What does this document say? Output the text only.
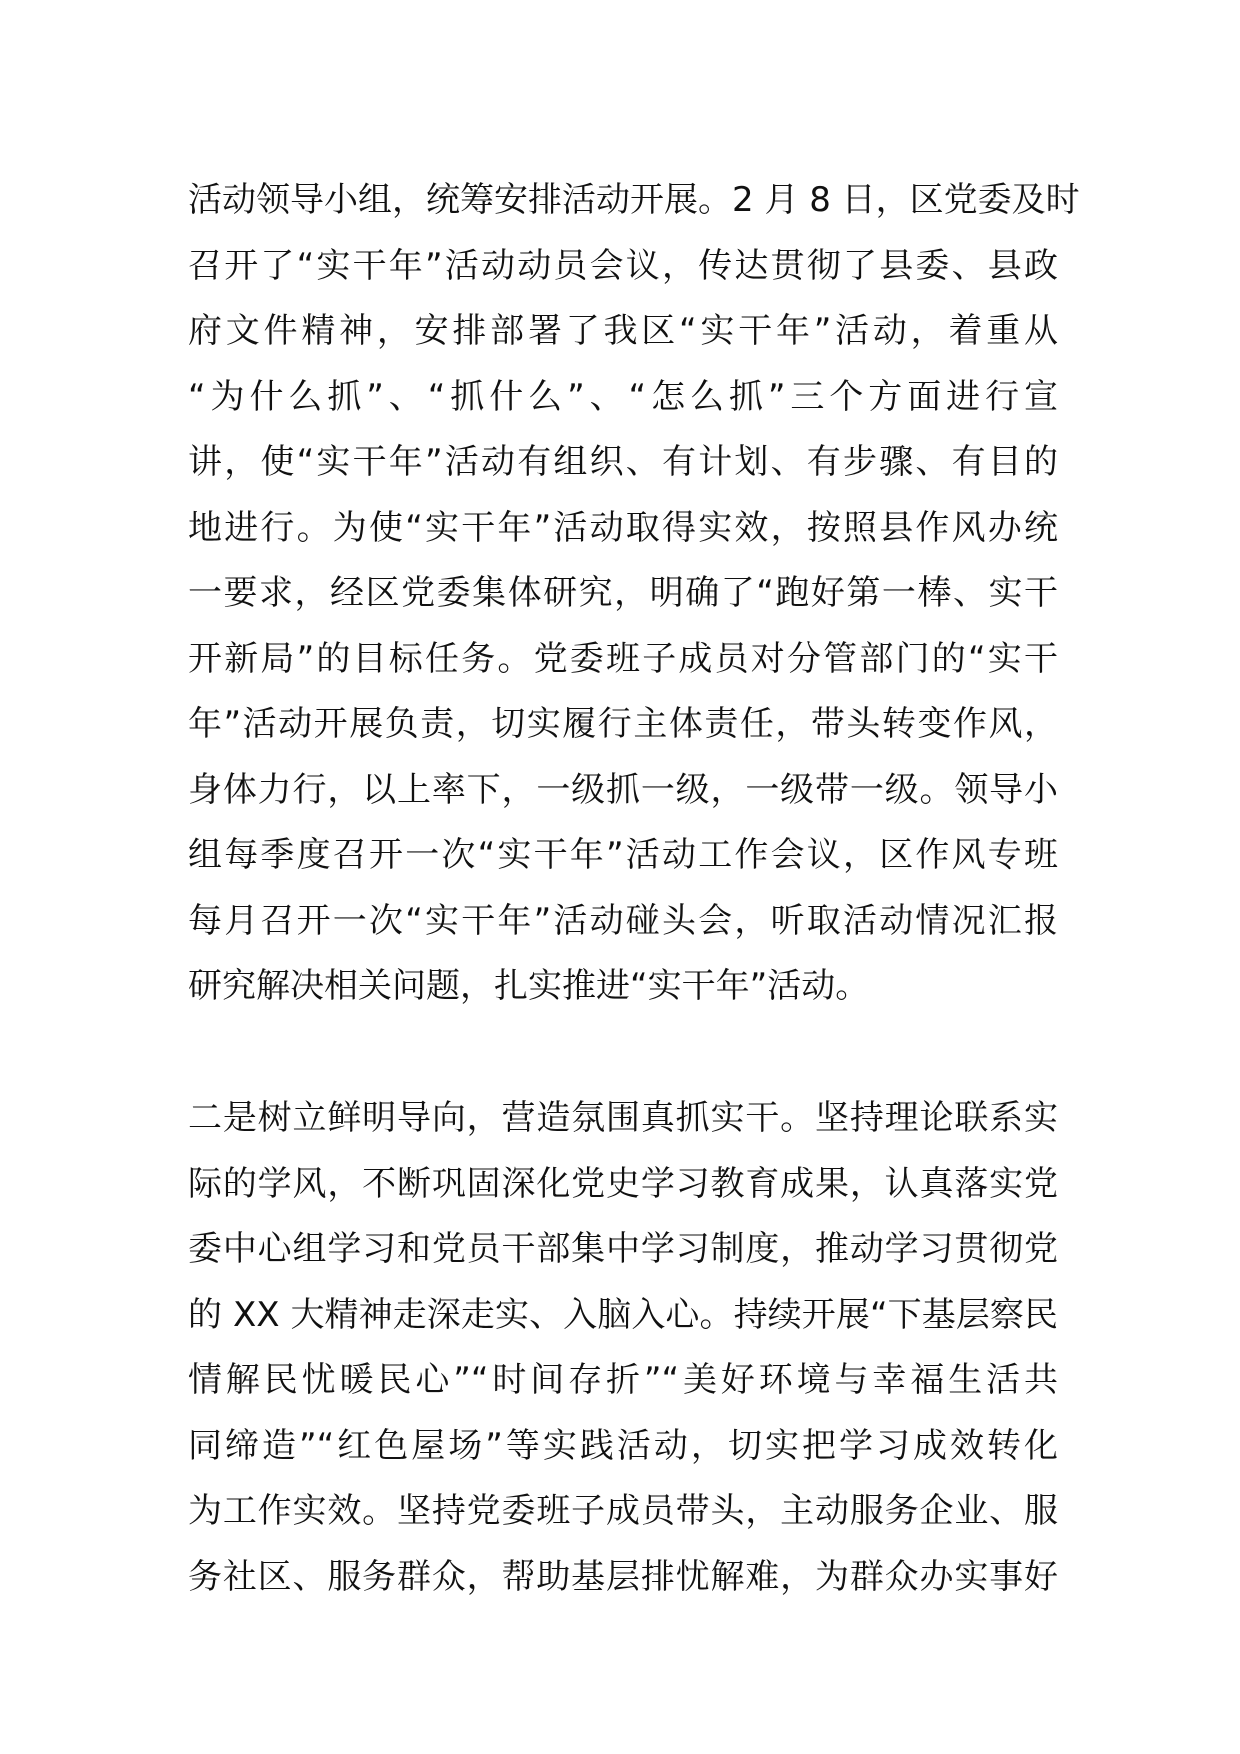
活动领导小组，统筹安排活动开展。2 月 8 日，区党委及时
召开了“实干年”活动动员会议，传达贯彻了县委、县政
府文件精神，安排部署了我区“实干年”活动，着重从
“为什么抓”、“抓什么”、“怎么抓”三个方面进行宣
讲，使“实干年”活动有组织、有计划、有步骤、有目的
地进行。为使“实干年”活动取得实效，按照县作风办统
一要求，经区党委集体研究，明确了“跑好第一棒、实干
开新局”的目标任务。党委班子成员对分管部门的“实干
年”活动开展负责，切实履行主体责任，带头转变作风，
身体力行，以上率下，一级抓一级，一级带一级。领导小
组每季度召开一次“实干年”活动工作会议，区作风专班
每月召开一次“实干年”活动碰头会，听取活动情况汇报
研究解决相关问题，扎实推进“实干年”活动。
二是树立鲜明导向，营造氛围真抓实干。坚持理论联系实
际的学风，不断巩固深化党史学习教育成果，认真落实党
委中心组学习和党员干部集中学习制度，推动学习贯彻党
的 XX 大精神走深走实、入脑入心。持续开展“下基层察民
情解民忧暖民心”“时间存折”“美好环境与幸福生活共
同缔造”“红色屋场”等实践活动，切实把学习成效转化
为工作实效。坚持党委班子成员带头，主动服务企业、服
务社区、服务群众，帮助基层排忧解难，为群众办实事好
